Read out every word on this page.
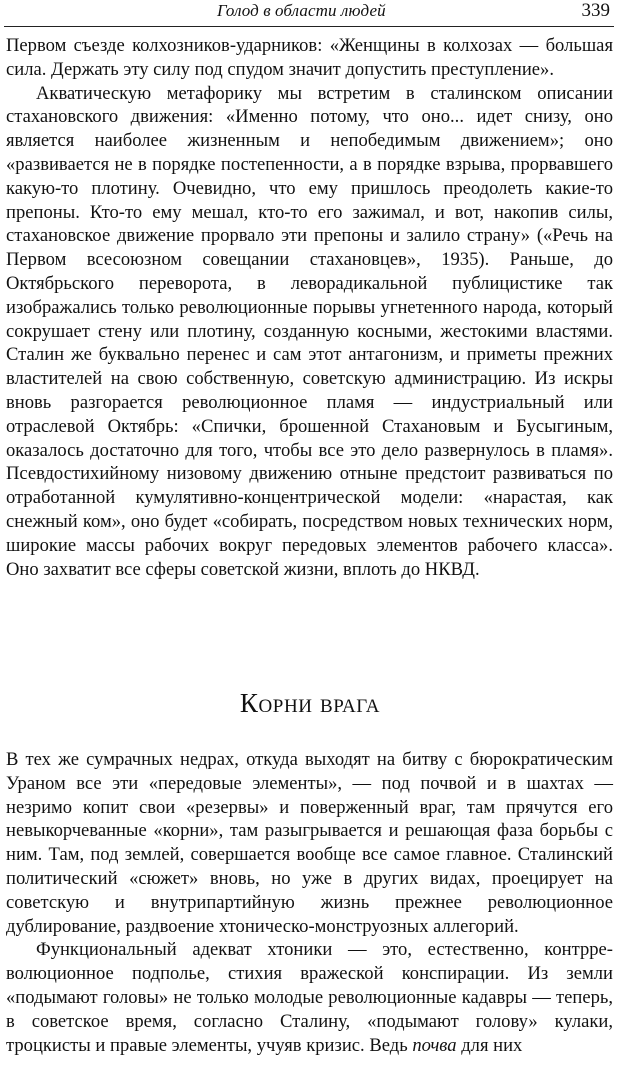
Голод в области людей	339

Первом съезде колхозников-ударников: «Женщины в колхозах — большая сила. Держать эту силу под спудом значит допустить преступление».

Акватическую метафорику мы встретим в сталинском описании стахановского движения: «Именно потому, что оно... идет снизу, оно является наиболее жизненным и непобедимым движением»; оно «развивается не в порядке постепенности, а в порядке взрыва, прорвавшего какую-то плотину. Очевидно, что ему пришлось преодолеть какие-то препоны. Кто-то ему мешал, кто-то его зажимал, и вот, накопив силы, стахановское движение прорвало эти препоны и залило страну» («Речь на Первом всесоюзном совещании стахановцев», 1935). Раньше, до Октябрьского переворота, в леворадикальной публицистике так изображались только революционные порывы угнетенного народа, который сокрушает стену или плотину, созданную косными, жестокими властями. Сталин же буквально перенес и сам этот антагонизм, и приметы прежних властителей на свою собственную, советскую администрацию. Из искры вновь разгорается революционное пламя — индустриальный или отраслевой Октябрь: «Спички, брошенной Стахановым и Бусыгиным, оказалось достаточно для того, чтобы все это дело развернулось в пламя». Псевдостихийному низовому движению отныне предстоит развиваться по отработанной кумулятивно-концентрической модели: «нарастая, как снежный ком», оно будет «собирать, посредством новых технических норм, широкие массы рабочих вокруг передовых элементов рабочего класса». Оно захватит все сферы советской жизни, вплоть до НКВД.

Корни врага

В тех же сумрачных недрах, откуда выходят на битву с бюрократическим Ураном все эти «передовые элементы», — под почвой и в шахтах — незримо копит свои «резервы» и поверженный враг, там прячутся его невыкорчеванные «корни», там разыгрывается и решающая фаза борьбы с ним. Там, под землей, совершается вообще все самое главное. Сталинский политический «сюжет» вновь, но уже в других видах, проецирует на советскую и внутрипартийную жизнь прежнее революционное дублирование, раздвоение хтоническо-монструозных аллегорий.

Функциональный адекват хтоники — это, естественно, контрреволюционное подполье, стихия вражеской конспирации. Из земли «подымают головы» не только молодые революционные кадавры — теперь, в советское время, согласно Сталину, «подымают голову» кулаки, троцкисты и правые элементы, учуяв кризис. Ведь почва для них
